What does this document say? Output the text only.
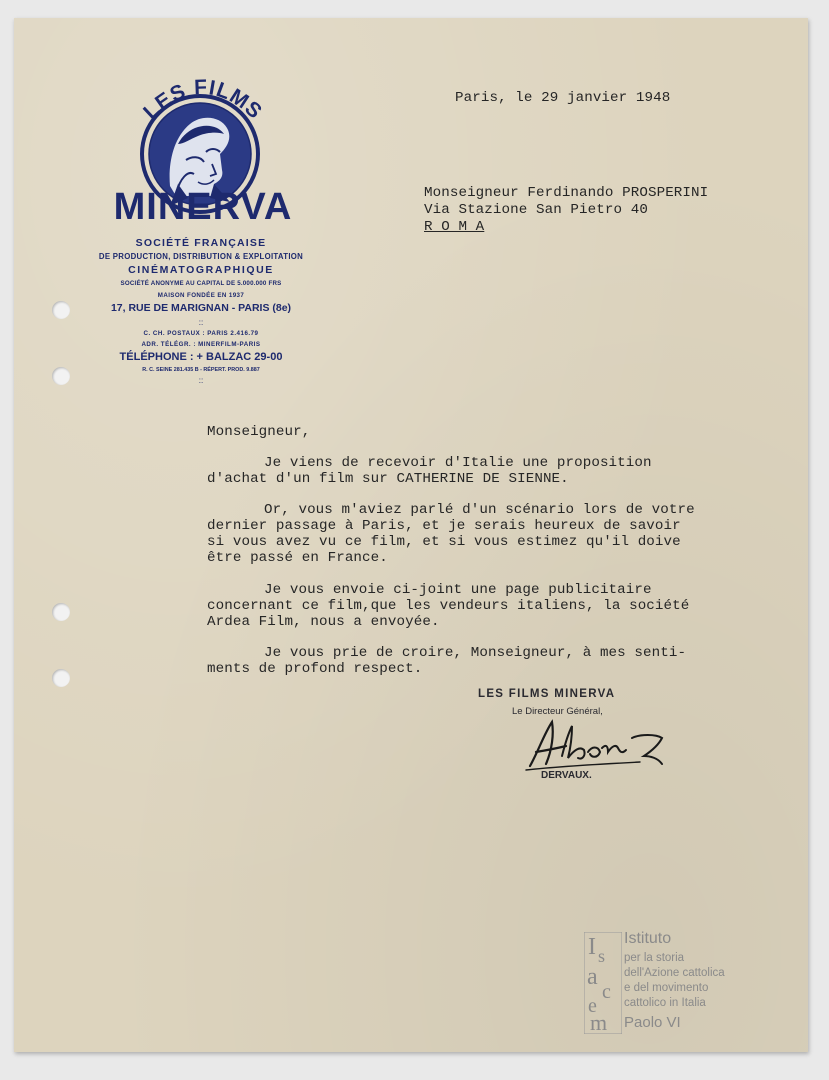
LES FILMS
MINERVA
SOCIÉTÉ FRANÇAISE
DE PRODUCTION, DISTRIBUTION & EXPLOITATION
CINÉMATOGRAPHIQUE
SOCIÉTÉ ANONYME AU CAPITAL DE 5.000.000 FRS
MAISON FONDÉE EN 1937
17, RUE DE MARIGNAN - PARIS (8e)
::
C. CH. POSTAUX : PARIS 2.416.79
ADR. TÉLÉGR. : MINERFILM-PARIS
TÉLÉPHONE : + BALZAC 29-00
R. C. SEINE 281.435 B - RÉPERT. PROD. 9.887
::
Paris, le 29 janvier 1948
Monseigneur Ferdinando PROSPERINI
Via Stazione San Pietro 40
R O M A
Monseigneur,
Je viens de recevoir d'Italie une proposition
d'achat d'un film sur CATHERINE DE SIENNE.
Or, vous m'aviez parlé d'un scénario lors de votre
dernier passage à Paris, et je serais heureux de savoir
si vous avez vu ce film, et si vous estimez qu'il doive
être passé en France.
Je vous envoie ci-joint une page publicitaire
concernant ce film,que les vendeurs italiens, la société
Ardea Film, nous a envoyée.
Je vous prie de croire, Monseigneur, à mes senti-
ments de profond respect.
LES FILMS MINERVA
Le Directeur Général,
DERVAUX.
I s
a
c
e
m
Istituto
per la storia
dell'Azione cattolica
e del movimento
cattolico in Italia
Paolo VI
